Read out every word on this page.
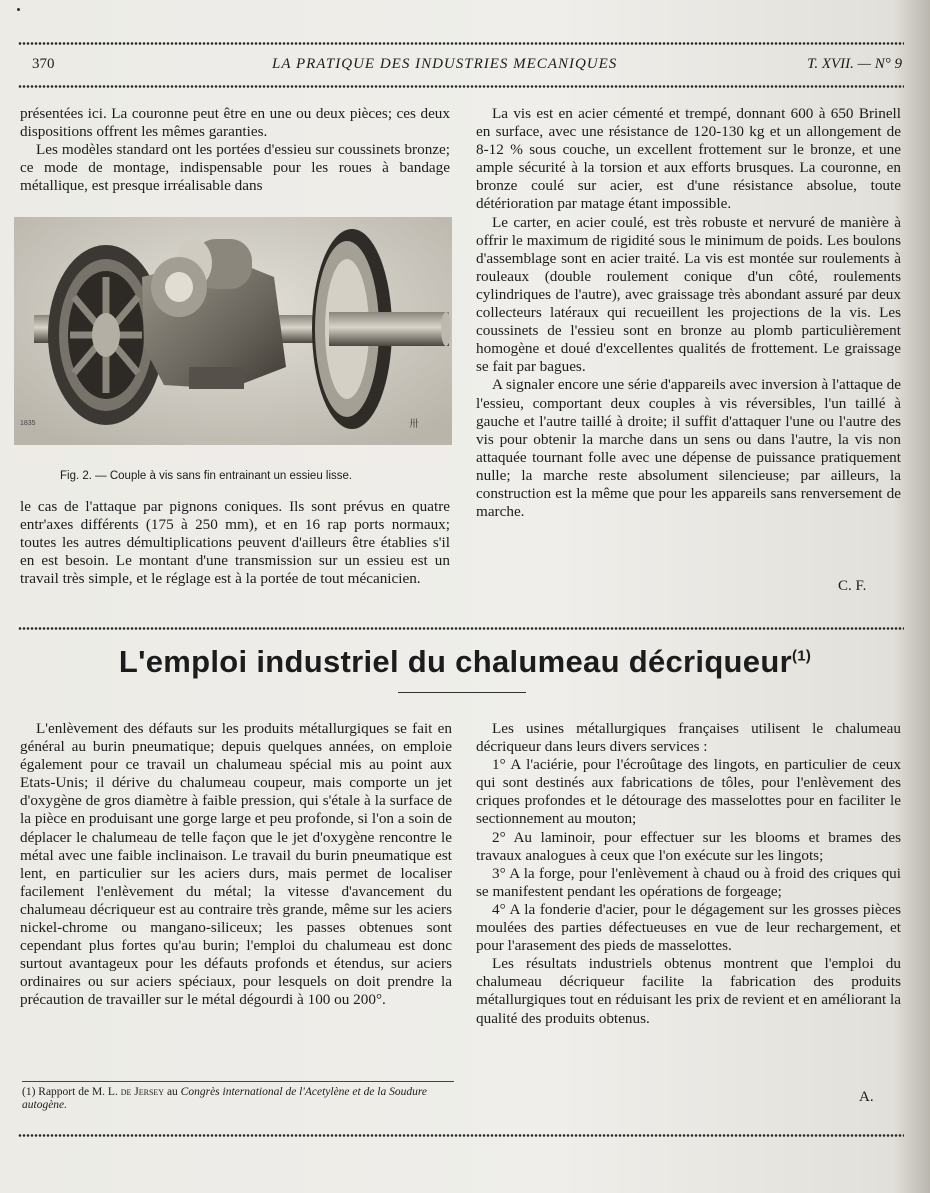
370	LA PRATIQUE DES INDUSTRIES MECANIQUES	T. XVII. — N° 9

présentées ici. La couronne peut être en une ou deux pièces; ces deux dispositions offrent les mêmes garanties.

Les modèles standard ont les portées d'essieu sur coussinets bronze; ce mode de montage, indispensable pour les roues à bandage métallique, est presque irréalisable dans

1835	卅
Fig. 2. — Couple à vis sans fin entrainant un essieu lisse.

le cas de l'attaque par pignons coniques. Ils sont prévus en quatre entr'axes différents (175 à 250 mm), et en 16 rap ports normaux; toutes les autres démultiplications peuvent d'ailleurs être établies s'il en est besoin. Le montant d'une transmission sur un essieu est un travail très simple, et le réglage est à la portée de tout mécanicien.

La vis est en acier cémenté et trempé, donnant 600 à 650 Brinell en surface, avec une résistance de 120-130 kg et un allongement de 8-12 % sous couche, un excellent frottement sur le bronze, et une ample sécurité à la torsion et aux efforts brusques. La couronne, en bronze coulé sur acier, est d'une résistance absolue, toute détérioration par matage étant impossible.

Le carter, en acier coulé, est très robuste et nervuré de manière à offrir le maximum de rigidité sous le minimum de poids. Les boulons d'assemblage sont en acier traité. La vis est montée sur roulements à rouleaux (double roulement conique d'un côté, roulements cylindriques de l'autre), avec graissage très abondant assuré par deux collecteurs latéraux qui recueillent les projections de la vis. Les coussinets de l'essieu sont en bronze au plomb particulièrement homogène et doué d'excellentes qualités de frottement. Le graissage se fait par bagues.

A signaler encore une série d'appareils avec inversion à l'attaque de l'essieu, comportant deux couples à vis réversibles, l'un taillé à gauche et l'autre taillé à droite; il suffit d'attaquer l'une ou l'autre des vis pour obtenir la marche dans un sens ou dans l'autre, la vis non attaquée tournant folle avec une dépense de puissance pratiquement nulle; la marche reste absolument silencieuse; par ailleurs, la construction est la même que pour les appareils sans renversement de marche.

C. F.
L'emploi industriel du chalumeau décriqueur$^{(1)}$

L'enlèvement des défauts sur les produits métallurgiques se fait en général au burin pneumatique; depuis quelques années, on emploie également pour ce travail un chalumeau spécial mis au point aux Etats-Unis; il dérive du chalumeau coupeur, mais comporte un jet d'oxygène de gros diamètre à faible pression, qui s'étale à la surface de la pièce en produisant une gorge large et peu profonde, si l'on a soin de déplacer le chalumeau de telle façon que le jet d'oxygène rencontre le métal avec une faible inclinaison. Le travail du burin pneumatique est lent, en particulier sur les aciers durs, mais permet de localiser facilement l'enlèvement du métal; la vitesse d'avancement du chalumeau décriqueur est au contraire très grande, même sur les aciers nickel-chrome ou mangano-siliceux; les passes obtenues sont cependant plus fortes qu'au burin; l'emploi du chalumeau est donc surtout avantageux pour les défauts profonds et étendus, sur aciers ordinaires ou sur aciers spéciaux, pour lesquels on doit prendre la précaution de travailler sur le métal dégourdi à 100 ou 200°.

Les usines métallurgiques françaises utilisent le chalumeau décriqueur dans leurs divers services :

1° A l'aciérie, pour l'écroûtage des lingots, en particulier de ceux qui sont destinés aux fabrications de tôles, pour l'enlèvement des criques profondes et le détourage des masselottes pour en faciliter le sectionnement au mouton;

2° Au laminoir, pour effectuer sur les blooms et brames des travaux analogues à ceux que l'on exécute sur les lingots;

3° A la forge, pour l'enlèvement à chaud ou à froid des criques qui se manifestent pendant les opérations de forgeage;

4° A la fonderie d'acier, pour le dégagement sur les grosses pièces moulées des parties défectueuses en vue de leur rechargement, et pour l'arasement des pieds de masselottes.

Les résultats industriels obtenus montrent que l'emploi du chalumeau décriqueur facilite la fabrication des produits métallurgiques tout en réduisant les prix de revient et en améliorant la qualité des produits obtenus.

(1) Rapport de M. L. de Jersey au Congrès international de l'Acetylène et de la Soudure autogène.	A.
